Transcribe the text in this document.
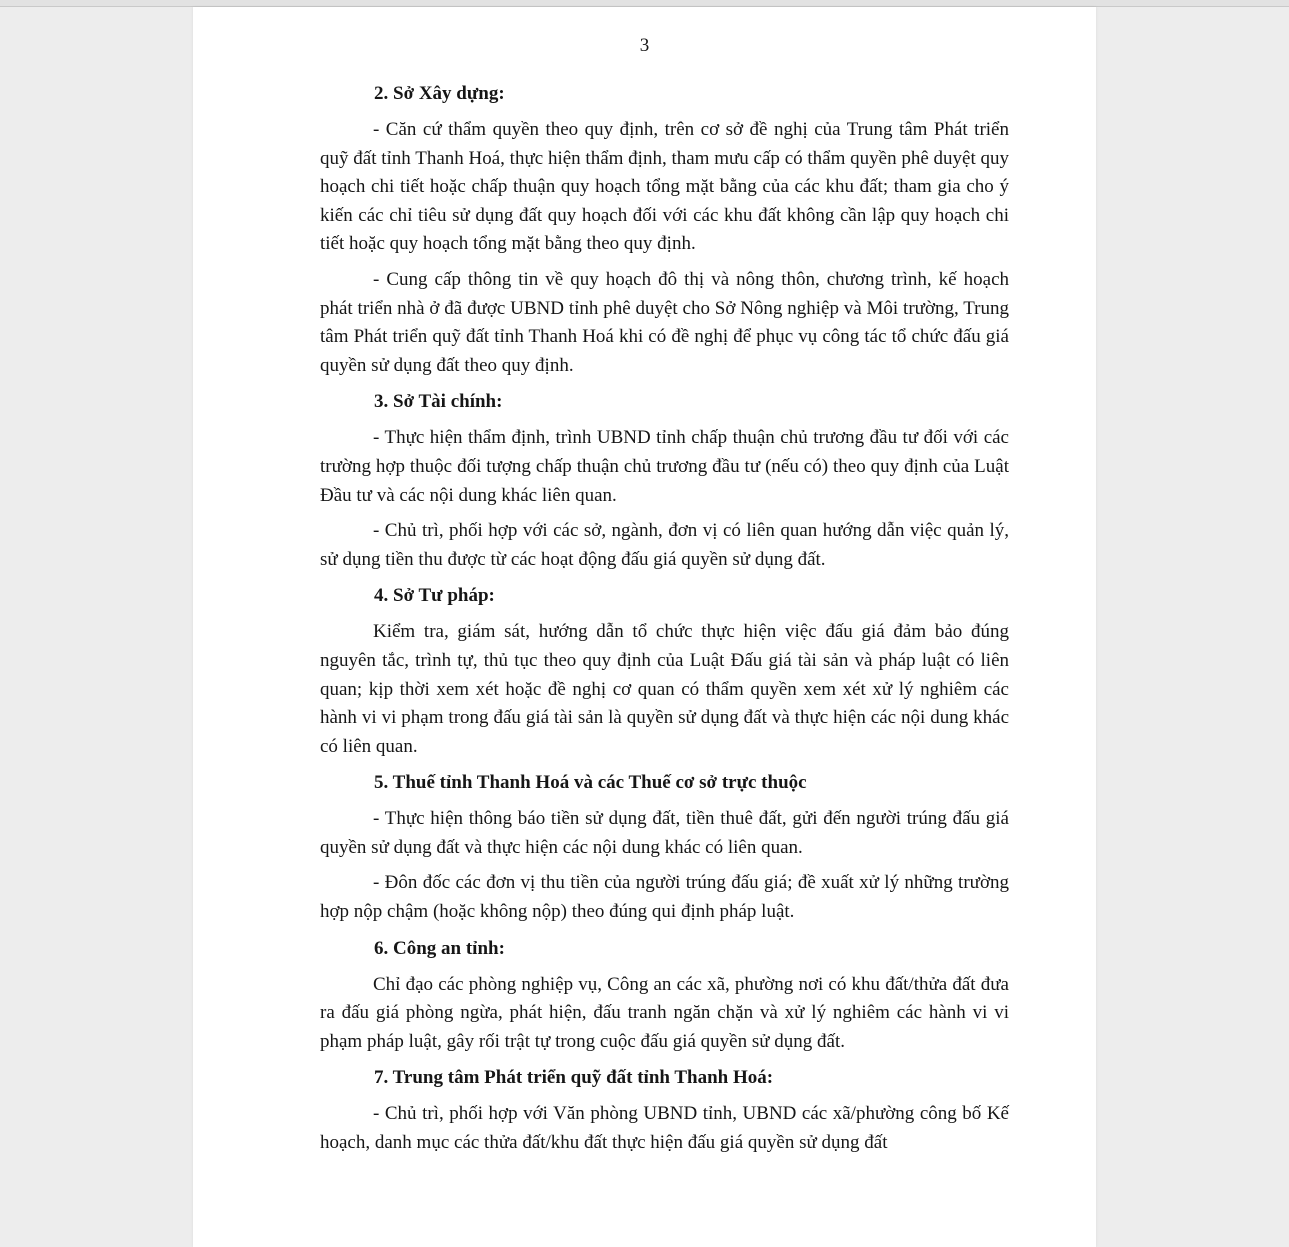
3

2. Sở Xây dựng:

- Căn cứ thẩm quyền theo quy định, trên cơ sở đề nghị của Trung tâm Phát triển quỹ đất tỉnh Thanh Hoá, thực hiện thẩm định, tham mưu cấp có thẩm quyền phê duyệt quy hoạch chi tiết hoặc chấp thuận quy hoạch tổng mặt bằng của các khu đất; tham gia cho ý kiến các chỉ tiêu sử dụng đất quy hoạch đối với các khu đất không cần lập quy hoạch chi tiết hoặc quy hoạch tổng mặt bằng theo quy định.

- Cung cấp thông tin về quy hoạch đô thị và nông thôn, chương trình, kế hoạch phát triển nhà ở đã được UBND tỉnh phê duyệt cho Sở Nông nghiệp và Môi trường, Trung tâm Phát triển quỹ đất tỉnh Thanh Hoá khi có đề nghị để phục vụ công tác tổ chức đấu giá quyền sử dụng đất theo quy định.

3. Sở Tài chính:

- Thực hiện thẩm định, trình UBND tỉnh chấp thuận chủ trương đầu tư đối với các trường hợp thuộc đối tượng chấp thuận chủ trương đầu tư (nếu có) theo quy định của Luật Đầu tư và các nội dung khác liên quan.

- Chủ trì, phối hợp với các sở, ngành, đơn vị có liên quan hướng dẫn việc quản lý, sử dụng tiền thu được từ các hoạt động đấu giá quyền sử dụng đất.

4. Sở Tư pháp:

Kiểm tra, giám sát, hướng dẫn tổ chức thực hiện việc đấu giá đảm bảo đúng nguyên tắc, trình tự, thủ tục theo quy định của Luật Đấu giá tài sản và pháp luật có liên quan; kịp thời xem xét hoặc đề nghị cơ quan có thẩm quyền xem xét xử lý nghiêm các hành vi vi phạm trong đấu giá tài sản là quyền sử dụng đất và thực hiện các nội dung khác có liên quan.

5. Thuế tỉnh Thanh Hoá và các Thuế cơ sở trực thuộc

- Thực hiện thông báo tiền sử dụng đất, tiền thuê đất, gửi đến người trúng đấu giá quyền sử dụng đất và thực hiện các nội dung khác có liên quan.

- Đôn đốc các đơn vị thu tiền của người trúng đấu giá; đề xuất xử lý những trường hợp nộp chậm (hoặc không nộp) theo đúng qui định pháp luật.

6. Công an tỉnh:

Chỉ đạo các phòng nghiệp vụ, Công an các xã, phường nơi có khu đất/thửa đất đưa ra đấu giá phòng ngừa, phát hiện, đấu tranh ngăn chặn và xử lý nghiêm các hành vi vi phạm pháp luật, gây rối trật tự trong cuộc đấu giá quyền sử dụng đất.

7. Trung tâm Phát triển quỹ đất tỉnh Thanh Hoá:

- Chủ trì, phối hợp với Văn phòng UBND tỉnh, UBND các xã/phường công bố Kế hoạch, danh mục các thửa đất/khu đất thực hiện đấu giá quyền sử dụng đất
